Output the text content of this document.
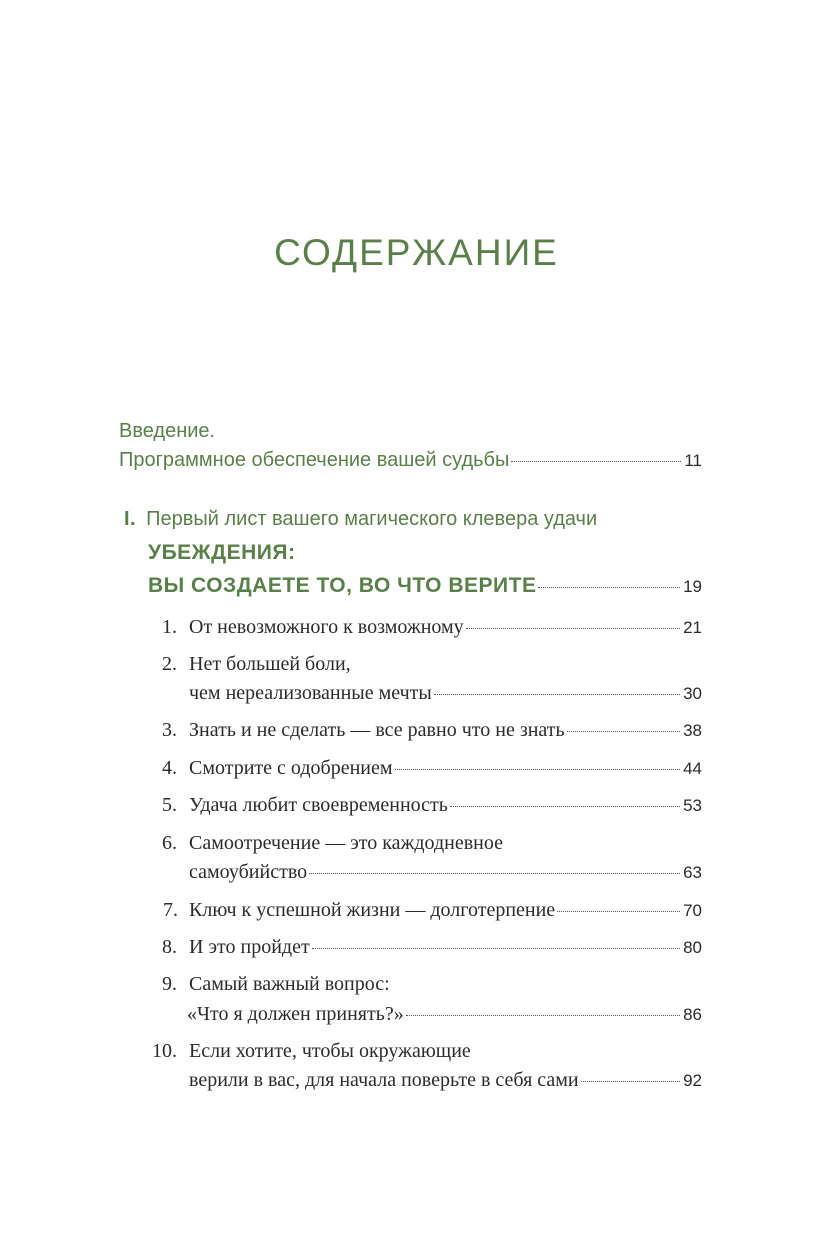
СОДЕРЖАНИЕ
Введение.
Программное обеспечение вашей судьбы	11
I. Первый лист вашего магического клевера удачи
УБЕЖДЕНИЯ:
ВЫ СОЗДАЕТЕ ТО, ВО ЧТО ВЕРИТЕ	19
1. От невозможного к возможному	21
2. Нет большей боли,
чем нереализованные мечты	30
3. Знать и не сделать — все равно что не знать	38
4. Смотрите с одобрением	44
5. Удача любит своевременность	53
6. Самоотречение — это каждодневное
самоубийство	63
7. Ключ к успешной жизни — долготерпение	70
8. И это пройдет	80
9. Самый важный вопрос:
«Что я должен принять?»	86
10. Если хотите, чтобы окружающие
верили в вас, для начала поверьте в себя сами	92
